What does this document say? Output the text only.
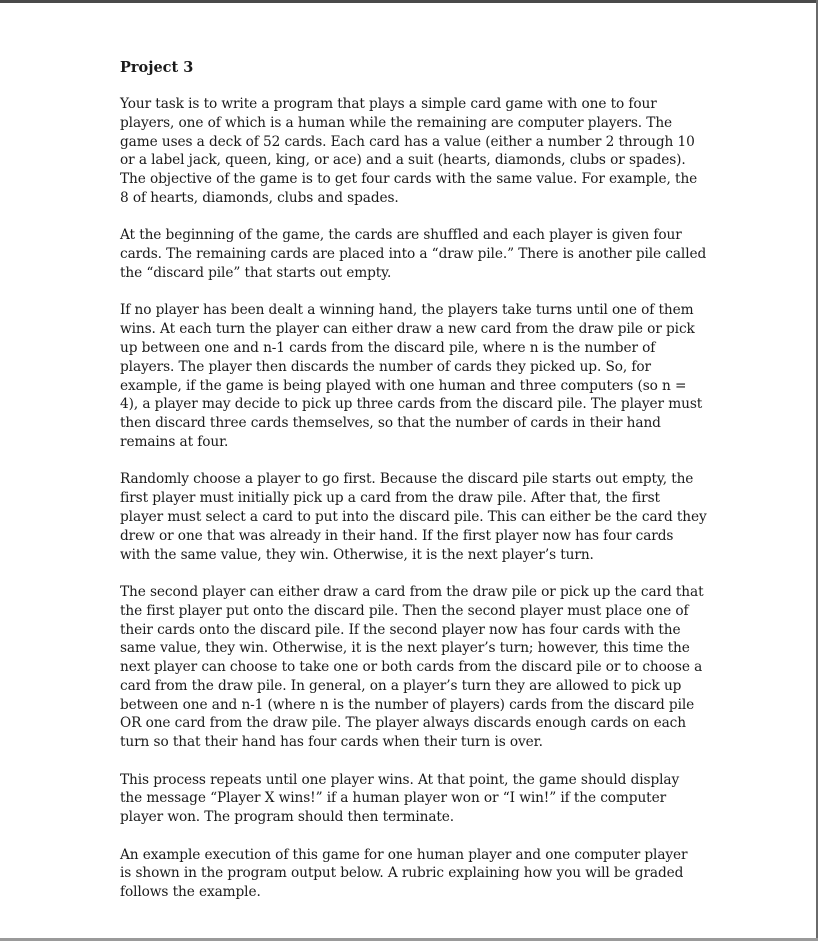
Project 3
Your task is to write a program that plays a simple card game with one to four
players, one of which is a human while the remaining are computer players. The
game uses a deck of 52 cards. Each card has a value (either a number 2 through 10
or a label jack, queen, king, or ace) and a suit (hearts, diamonds, clubs or spades).
The objective of the game is to get four cards with the same value. For example, the
8 of hearts, diamonds, clubs and spades.
At the beginning of the game, the cards are shuffled and each player is given four
cards. The remaining cards are placed into a “draw pile.” There is another pile called
the “discard pile” that starts out empty.
If no player has been dealt a winning hand, the players take turns until one of them
wins. At each turn the player can either draw a new card from the draw pile or pick
up between one and n-1 cards from the discard pile, where n is the number of
players. The player then discards the number of cards they picked up. So, for
example, if the game is being played with one human and three computers (so n =
4), a player may decide to pick up three cards from the discard pile. The player must
then discard three cards themselves, so that the number of cards in their hand
remains at four.
Randomly choose a player to go first. Because the discard pile starts out empty, the
first player must initially pick up a card from the draw pile. After that, the first
player must select a card to put into the discard pile. This can either be the card they
drew or one that was already in their hand. If the first player now has four cards
with the same value, they win. Otherwise, it is the next player’s turn.
The second player can either draw a card from the draw pile or pick up the card that
the first player put onto the discard pile. Then the second player must place one of
their cards onto the discard pile. If the second player now has four cards with the
same value, they win. Otherwise, it is the next player’s turn; however, this time the
next player can choose to take one or both cards from the discard pile or to choose a
card from the draw pile. In general, on a player’s turn they are allowed to pick up
between one and n-1 (where n is the number of players) cards from the discard pile
OR one card from the draw pile. The player always discards enough cards on each
turn so that their hand has four cards when their turn is over.
This process repeats until one player wins. At that point, the game should display
the message “Player X wins!” if a human player won or “I win!” if the computer
player won. The program should then terminate.
An example execution of this game for one human player and one computer player
is shown in the program output below. A rubric explaining how you will be graded
follows the example.
